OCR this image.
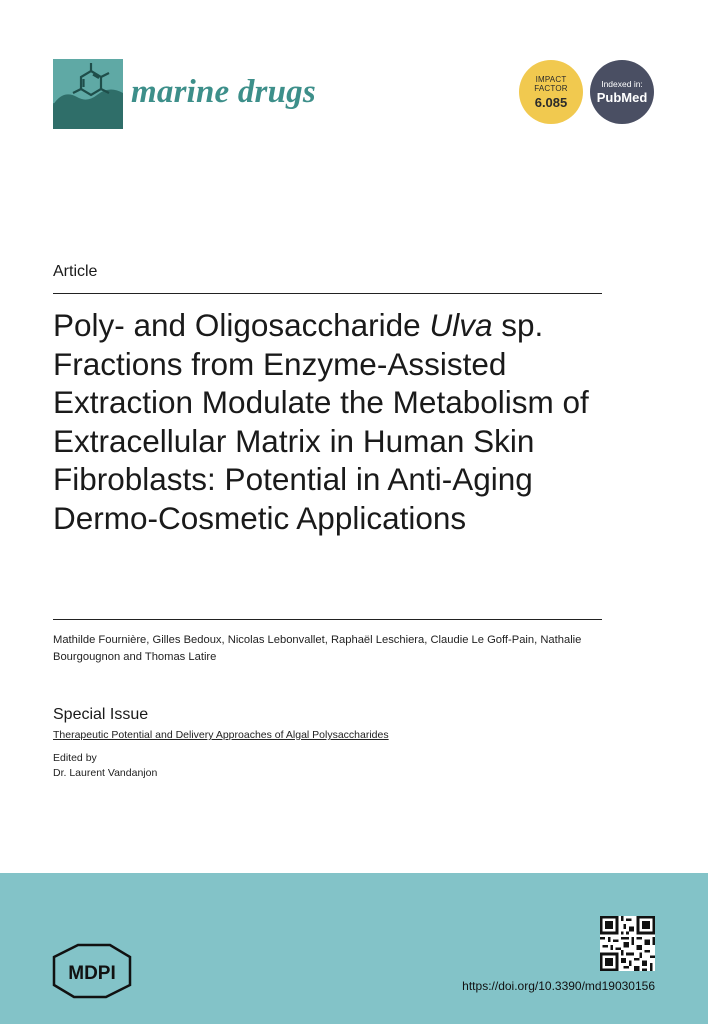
marine drugs	IMPACT
FACTOR
6.085
Indexed in:
PubMed
Article
Poly- and Oligosaccharide Ulva sp. Fractions from Enzyme-Assisted Extraction Modulate the Metabolism of Extracellular Matrix in Human Skin Fibroblasts: Potential in Anti-Aging Dermo-Cosmetic Applications
Mathilde Fournière, Gilles Bedoux, Nicolas Lebonvallet, Raphaël Leschiera, Claudie Le Goff-Pain, Nathalie Bourgougnon and Thomas Latire
Special Issue
Therapeutic Potential and Delivery Approaches of Algal Polysaccharides
Edited by
Dr. Laurent Vandanjon
MDPI
https://doi.org/10.3390/md19030156
